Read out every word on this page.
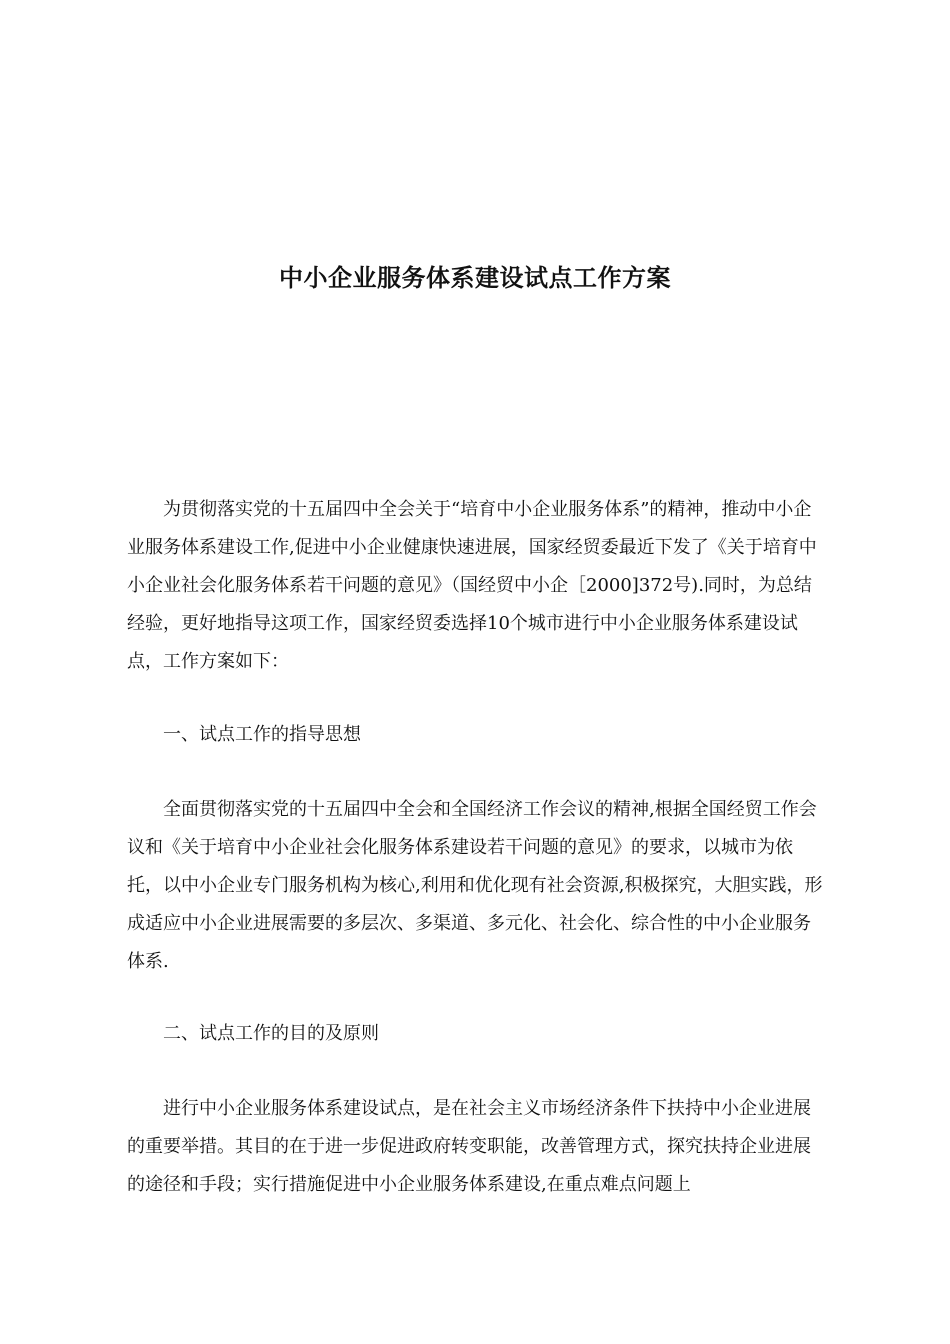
中小企业服务体系建设试点工作方案

为贯彻落实党的十五届四中全会关于“培育中小企业服务体系”的精神，推动中小企业服务体系建设工作,促进中小企业健康快速进展，国家经贸委最近下发了《关于培育中小企业社会化服务体系若干问题的意见》（国经贸中小企［2000]372号).同时，为总结经验，更好地指导这项工作，国家经贸委选择10个城市进行中小企业服务体系建设试点，工作方案如下：

一、试点工作的指导思想

全面贯彻落实党的十五届四中全会和全国经济工作会议的精神,根据全国经贸工作会议和《关于培育中小企业社会化服务体系建设若干问题的意见》的要求，以城市为依托，以中小企业专门服务机构为核心,利用和优化现有社会资源,积极探究，大胆实践，形成适应中小企业进展需要的多层次、多渠道、多元化、社会化、综合性的中小企业服务体系.

二、试点工作的目的及原则

进行中小企业服务体系建设试点，是在社会主义市场经济条件下扶持中小企业进展的重要举措。其目的在于进一步促进政府转变职能，改善管理方式，探究扶持企业进展的途径和手段；实行措施促进中小企业服务体系建设,在重点难点问题上
